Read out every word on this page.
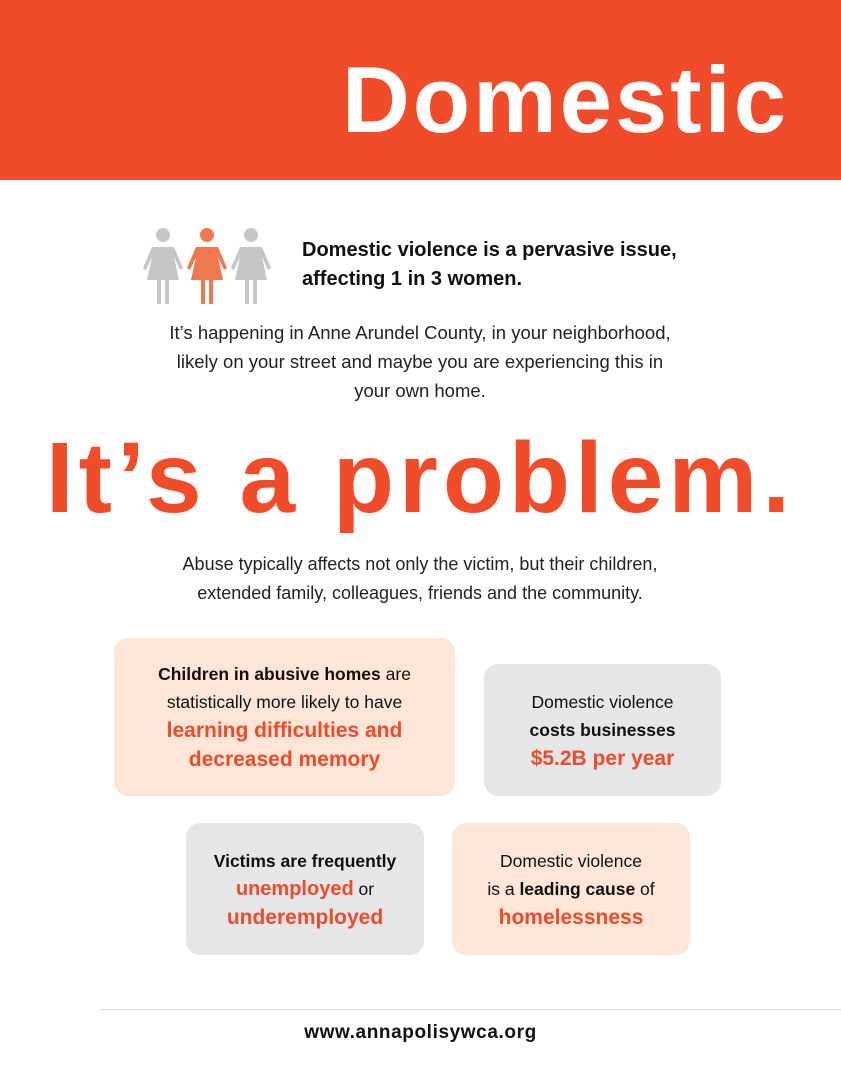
Domestic
Domestic violence is a pervasive issue,
affecting 1 in 3 women.
It’s happening in Anne Arundel County, in your neighborhood,
likely on your street and maybe you are experiencing this in
your own home.
It’s a problem.
Abuse typically affects not only the victim, but their children,
extended family, colleagues, friends and the community.
Children in abusive homes are
statistically more likely to have
learning difficulties and
decreased memory
Domestic violence
costs businesses
$5.2B per year
Victims are frequently
unemployed or
underemployed
Domestic violence
is a leading cause of
homelessness
www.annapolisywca.org
